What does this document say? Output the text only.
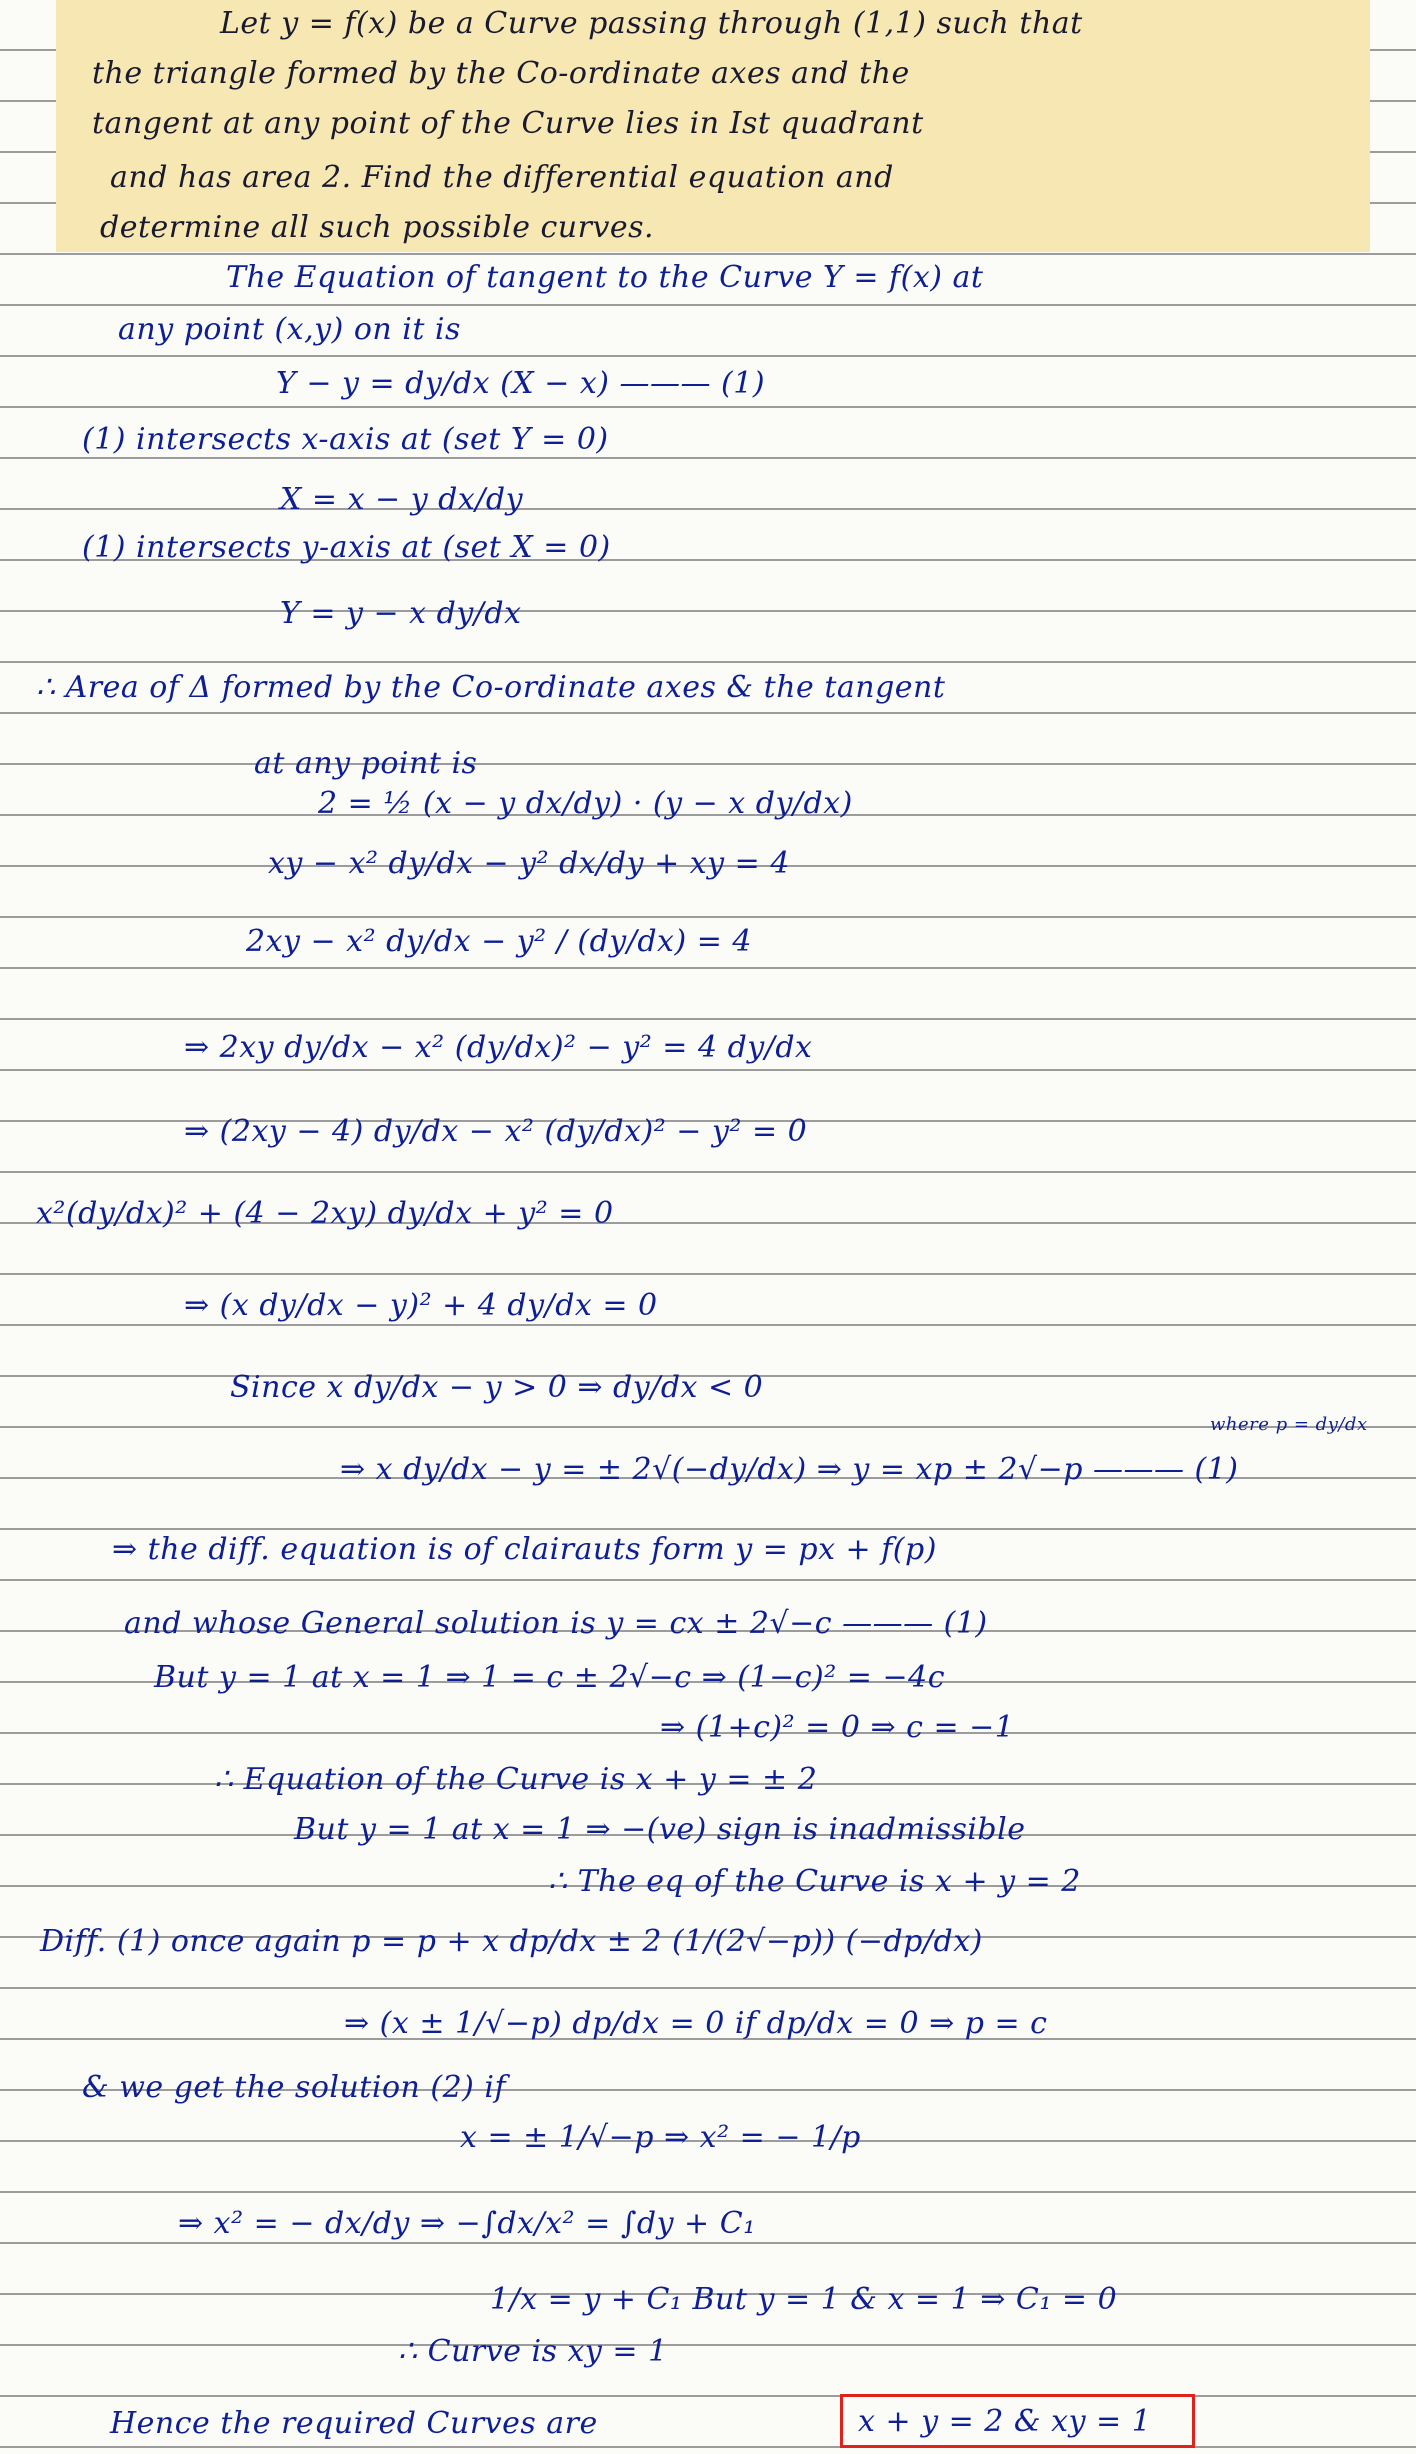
Let y = f(x) be a Curve passing through (1,1) such that

the triangle formed by the Co-ordinate axes and the

tangent at any point of the Curve lies in Ist quadrant

and has area 2. Find the differential equation and

determine all such possible curves.

The Equation of tangent to the Curve Y = f(x) at

any point (x,y) on it is

Y − y = dy/dx (X − x) ——— (1)

(1) intersects x-axis at (set Y = 0)

X = x − y dx/dy

(1) intersects y-axis at (set X = 0)

Y = y − x dy/dx

∴ Area of Δ formed by the Co-ordinate axes & the tangent

at any point is

2 = ½ (x − y dx/dy) · (y − x dy/dx)

xy − x² dy/dx − y² dx/dy + xy = 4

2xy − x² dy/dx − y² / (dy/dx) = 4

⇒ 2xy dy/dx − x² (dy/dx)² − y² = 4 dy/dx

⇒ (2xy − 4) dy/dx − x² (dy/dx)² − y² = 0

x²(dy/dx)² + (4 − 2xy) dy/dx + y² = 0

⇒ (x dy/dx − y)² + 4 dy/dx = 0

Since x dy/dx − y > 0 ⇒ dy/dx < 0

where p = dy/dx

⇒ x dy/dx − y = ± 2√(−dy/dx) ⇒ y = xp ± 2√−p ——— (1)

⇒ the diff. equation is of clairauts form y = px + f(p)

and whose General solution is y = cx ± 2√−c ——— (1)

But y = 1 at x = 1 ⇒ 1 = c ± 2√−c ⇒ (1−c)² = −4c

⇒ (1+c)² = 0 ⇒ c = −1

∴ Equation of the Curve is x + y = ± 2

But y = 1 at x = 1 ⇒ −(ve) sign is inadmissible

∴ The eq of the Curve is x + y = 2

Diff. (1) once again p = p + x dp/dx ± 2 (1/(2√−p)) (−dp/dx)

⇒ (x ± 1/√−p) dp/dx = 0 if dp/dx = 0 ⇒ p = c

& we get the solution (2) if

x = ± 1/√−p ⇒ x² = − 1/p

⇒ x² = − dx/dy ⇒ −∫dx/x² = ∫dy + C₁

1/x = y + C₁ But y = 1 & x = 1 ⇒ C₁ = 0

∴ Curve is xy = 1

Hence the required Curves are	x + y = 2 & xy = 1
